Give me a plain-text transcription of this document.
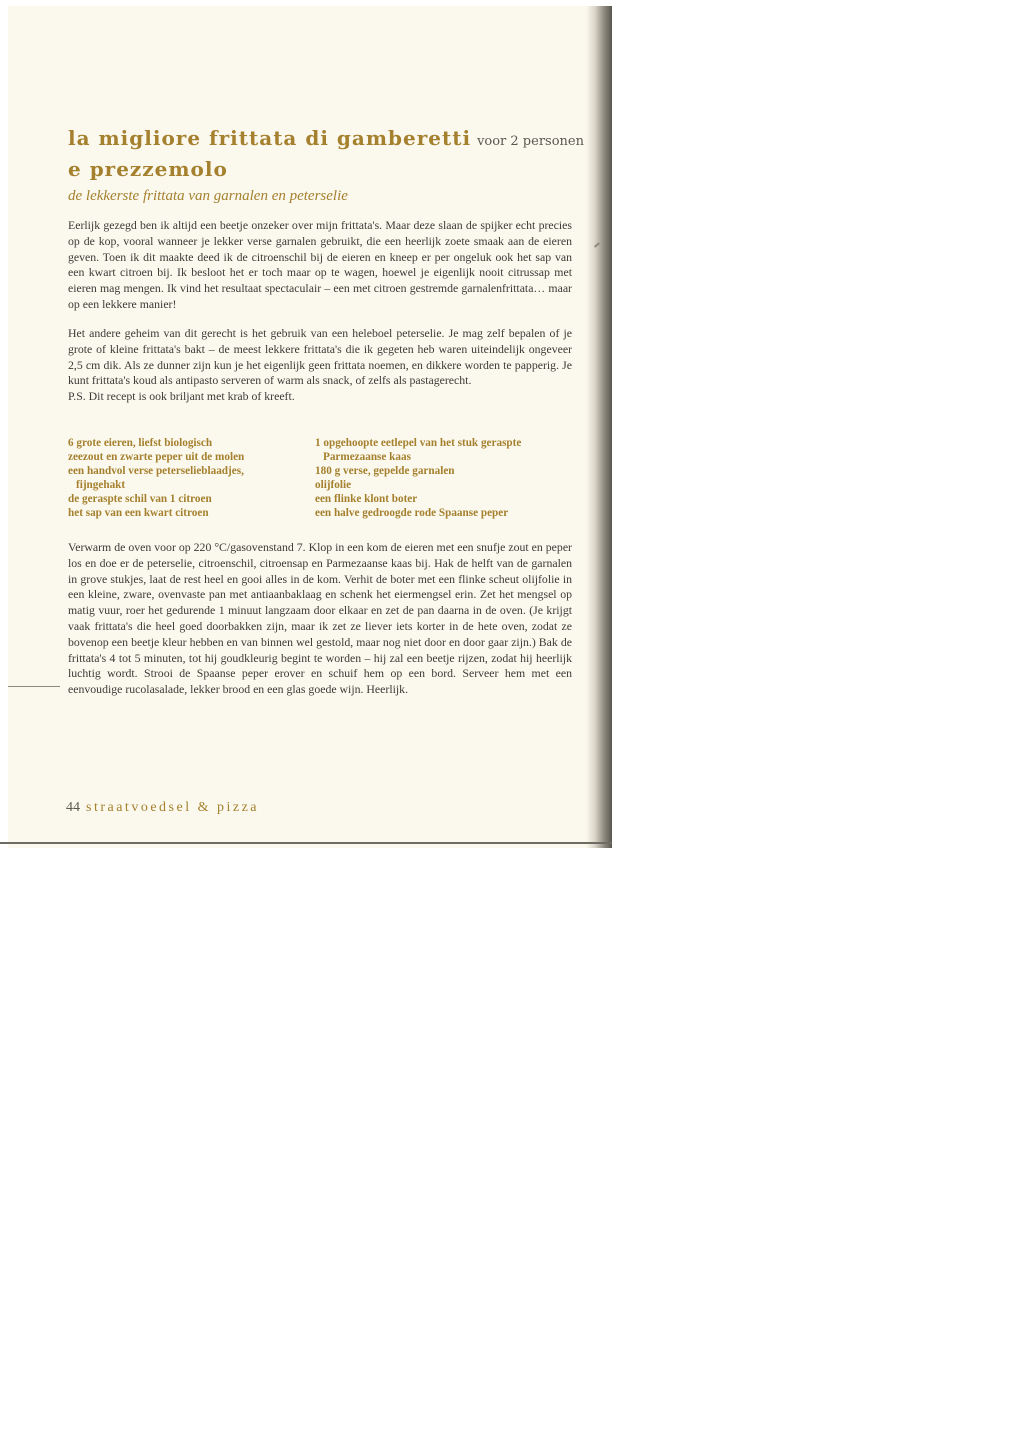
la migliore frittata di gamberetti voor 2 personen
e prezzemolo
de lekkerste frittata van garnalen en peterselie
Eerlijk gezegd ben ik altijd een beetje onzeker over mijn frittata's. Maar deze slaan de spijker echt precies op de kop, vooral wanneer je lekker verse garnalen gebruikt, die een heerlijk zoete smaak aan de eieren geven. Toen ik dit maakte deed ik de citroenschil bij de eieren en kneep er per ongeluk ook het sap van een kwart citroen bij. Ik besloot het er toch maar op te wagen, hoewel je eigenlijk nooit citrussap met eieren mag mengen. Ik vind het resultaat spectaculair – een met citroen gestremde garnalenfrittata… maar op een lekkere manier!
Het andere geheim van dit gerecht is het gebruik van een heleboel peterselie. Je mag zelf bepalen of je grote of kleine frittata's bakt – de meest lekkere frittata's die ik gegeten heb waren uiteindelijk ongeveer 2,5 cm dik. Als ze dunner zijn kun je het eigenlijk geen frittata noemen, en dikkere worden te papperig. Je kunt frittata's koud als antipasto serveren of warm als snack, of zelfs als pastagerecht.
P.S. Dit recept is ook briljant met krab of kreeft.
6 grote eieren, liefst biologisch
zeezout en zwarte peper uit de molen
een handvol verse peterselieblaadjes,
fijngehakt
de geraspte schil van 1 citroen
het sap van een kwart citroen
1 opgehoopte eetlepel van het stuk geraspte
Parmezaanse kaas
180 g verse, gepelde garnalen
olijfolie
een flinke klont boter
een halve gedroogde rode Spaanse peper
Verwarm de oven voor op 220 °C/gasovenstand 7. Klop in een kom de eieren met een snufje zout en peper los en doe er de peterselie, citroenschil, citroensap en Parmezaanse kaas bij. Hak de helft van de garnalen in grove stukjes, laat de rest heel en gooi alles in de kom. Verhit de boter met een flinke scheut olijfolie in een kleine, zware, ovenvaste pan met antiaanbaklaag en schenk het eiermengsel erin. Zet het mengsel op matig vuur, roer het gedurende 1 minuut langzaam door elkaar en zet de pan daarna in de oven. (Je krijgt vaak frittata's die heel goed doorbakken zijn, maar ik zet ze liever iets korter in de hete oven, zodat ze bovenop een beetje kleur hebben en van binnen wel gestold, maar nog niet door en door gaar zijn.) Bak de frittata's 4 tot 5 minuten, tot hij goudkleurig begint te worden – hij zal een beetje rijzen, zodat hij heerlijk luchtig wordt. Strooi de Spaanse peper erover en schuif hem op een bord. Serveer hem met een eenvoudige rucolasalade, lekker brood en een glas goede wijn. Heerlijk.
44 straatvoedsel & pizza
